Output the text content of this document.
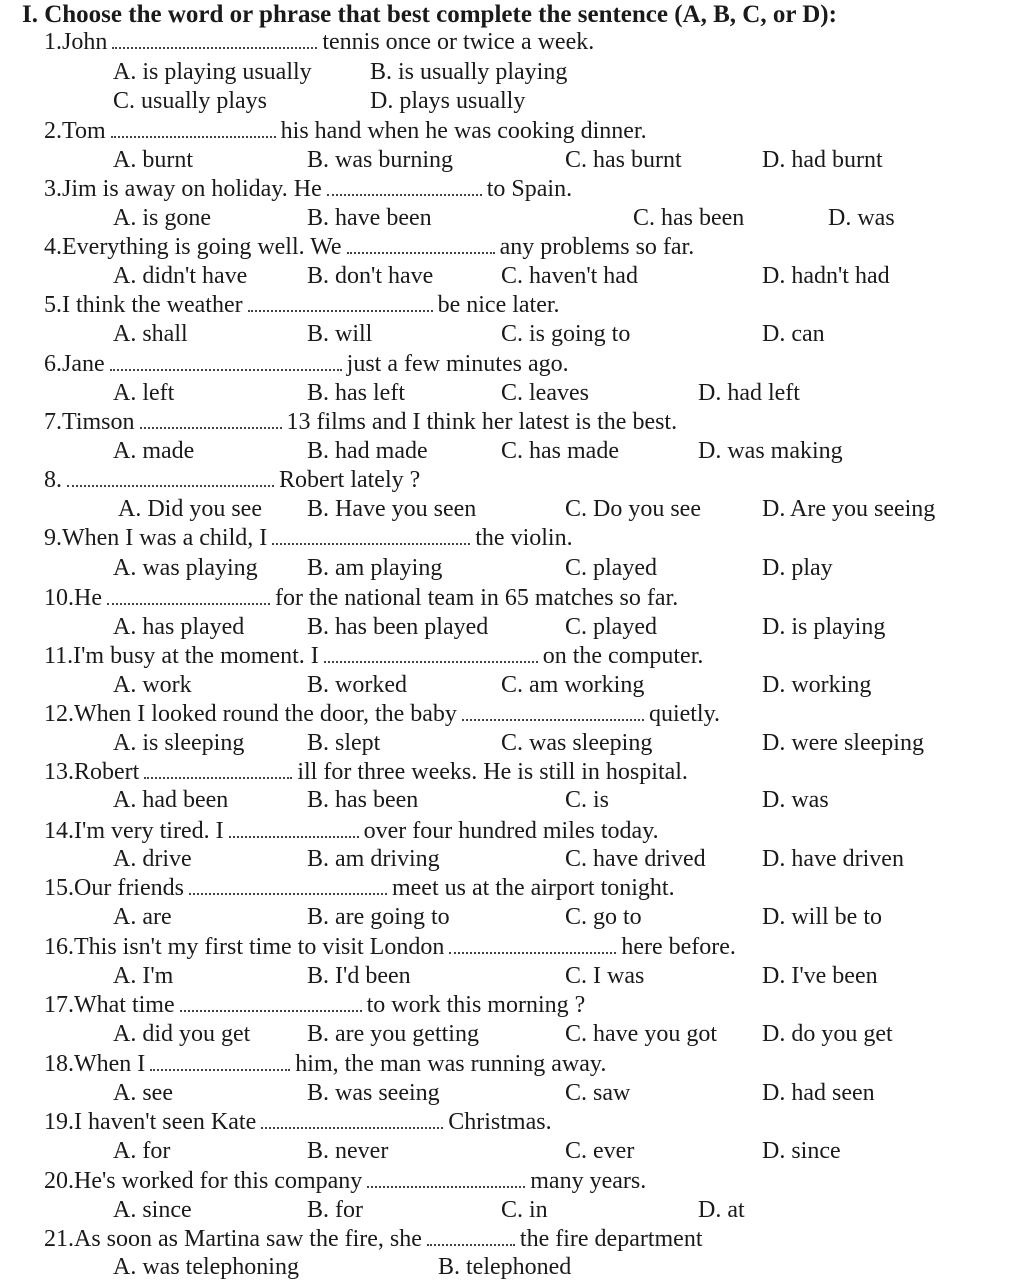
I. Choose the word or phrase that best complete the sentence (A, B, C, or D):
1.John	tennis once or twice a week.
A. is playing usually B. is usually playing
C. usually plays	D. plays usually
2.Tom	his hand when he was cooking dinner.
A. burnt	B. was burning	C. has burnt	D. had burnt
3.Jim is away on holiday. He	to Spain.
A. is gone	B. have been	C. has been	D. was
4.Everything is going well. We	any problems so far.
A. didn't have B. don't have	C. haven't had	D. hadn't had
5.I think the weather	be nice later.
A. shall	B. will	C. is going to	D. can
6.Jane	just a few minutes ago.
A. left	B. has left	C. leaves	D. had left
7.Timson	13 films and I think her latest is the best.
A. made	B. had made	C. has made	D. was making
8.	Robert lately ?
A. Did you see B. Have you seen	C. Do you see	D. Are you seeing
9.When I was a child, I	the violin.
A. was playing B. am playing	C. played	D. play
10.He	for the national team in 65 matches so far.
A. has played	B. has been played	C. played	D. is playing
11.I'm busy at the moment. I	on the computer.
A. work	B. worked	C. am working	D. working
12.When I looked round the door, the baby	quietly.
A. is sleeping	B. slept	C. was sleeping	D. were sleeping
13.Robert	ill for three weeks. He is still in hospital.
A. had been	B. has been	C. is	D. was
14.I'm very tired. I	over four hundred miles today.
A. drive	B. am driving	C. have drived D. have driven
15.Our friends	meet us at the airport tonight.
A. are	B. are going to	C. go to	D. will be to
16.This isn't my first time to visit London	here before.
A. I'm	B. I'd been	C. I was	D. I've been
17.What time	to work this morning ?
A. did you get B. are you getting	C. have you got D. do you get
18.When I	him, the man was running away.
A. see	B. was seeing	C. saw	D. had seen
19.I haven't seen Kate	Christmas.
A. for	B. never	C. ever	D. since
20.He's worked for this company	many years.
A. since	B. for	C. in	D. at
21.As soon as Martina saw the fire, she	the fire department
A. was telephoning	B. telephoned
